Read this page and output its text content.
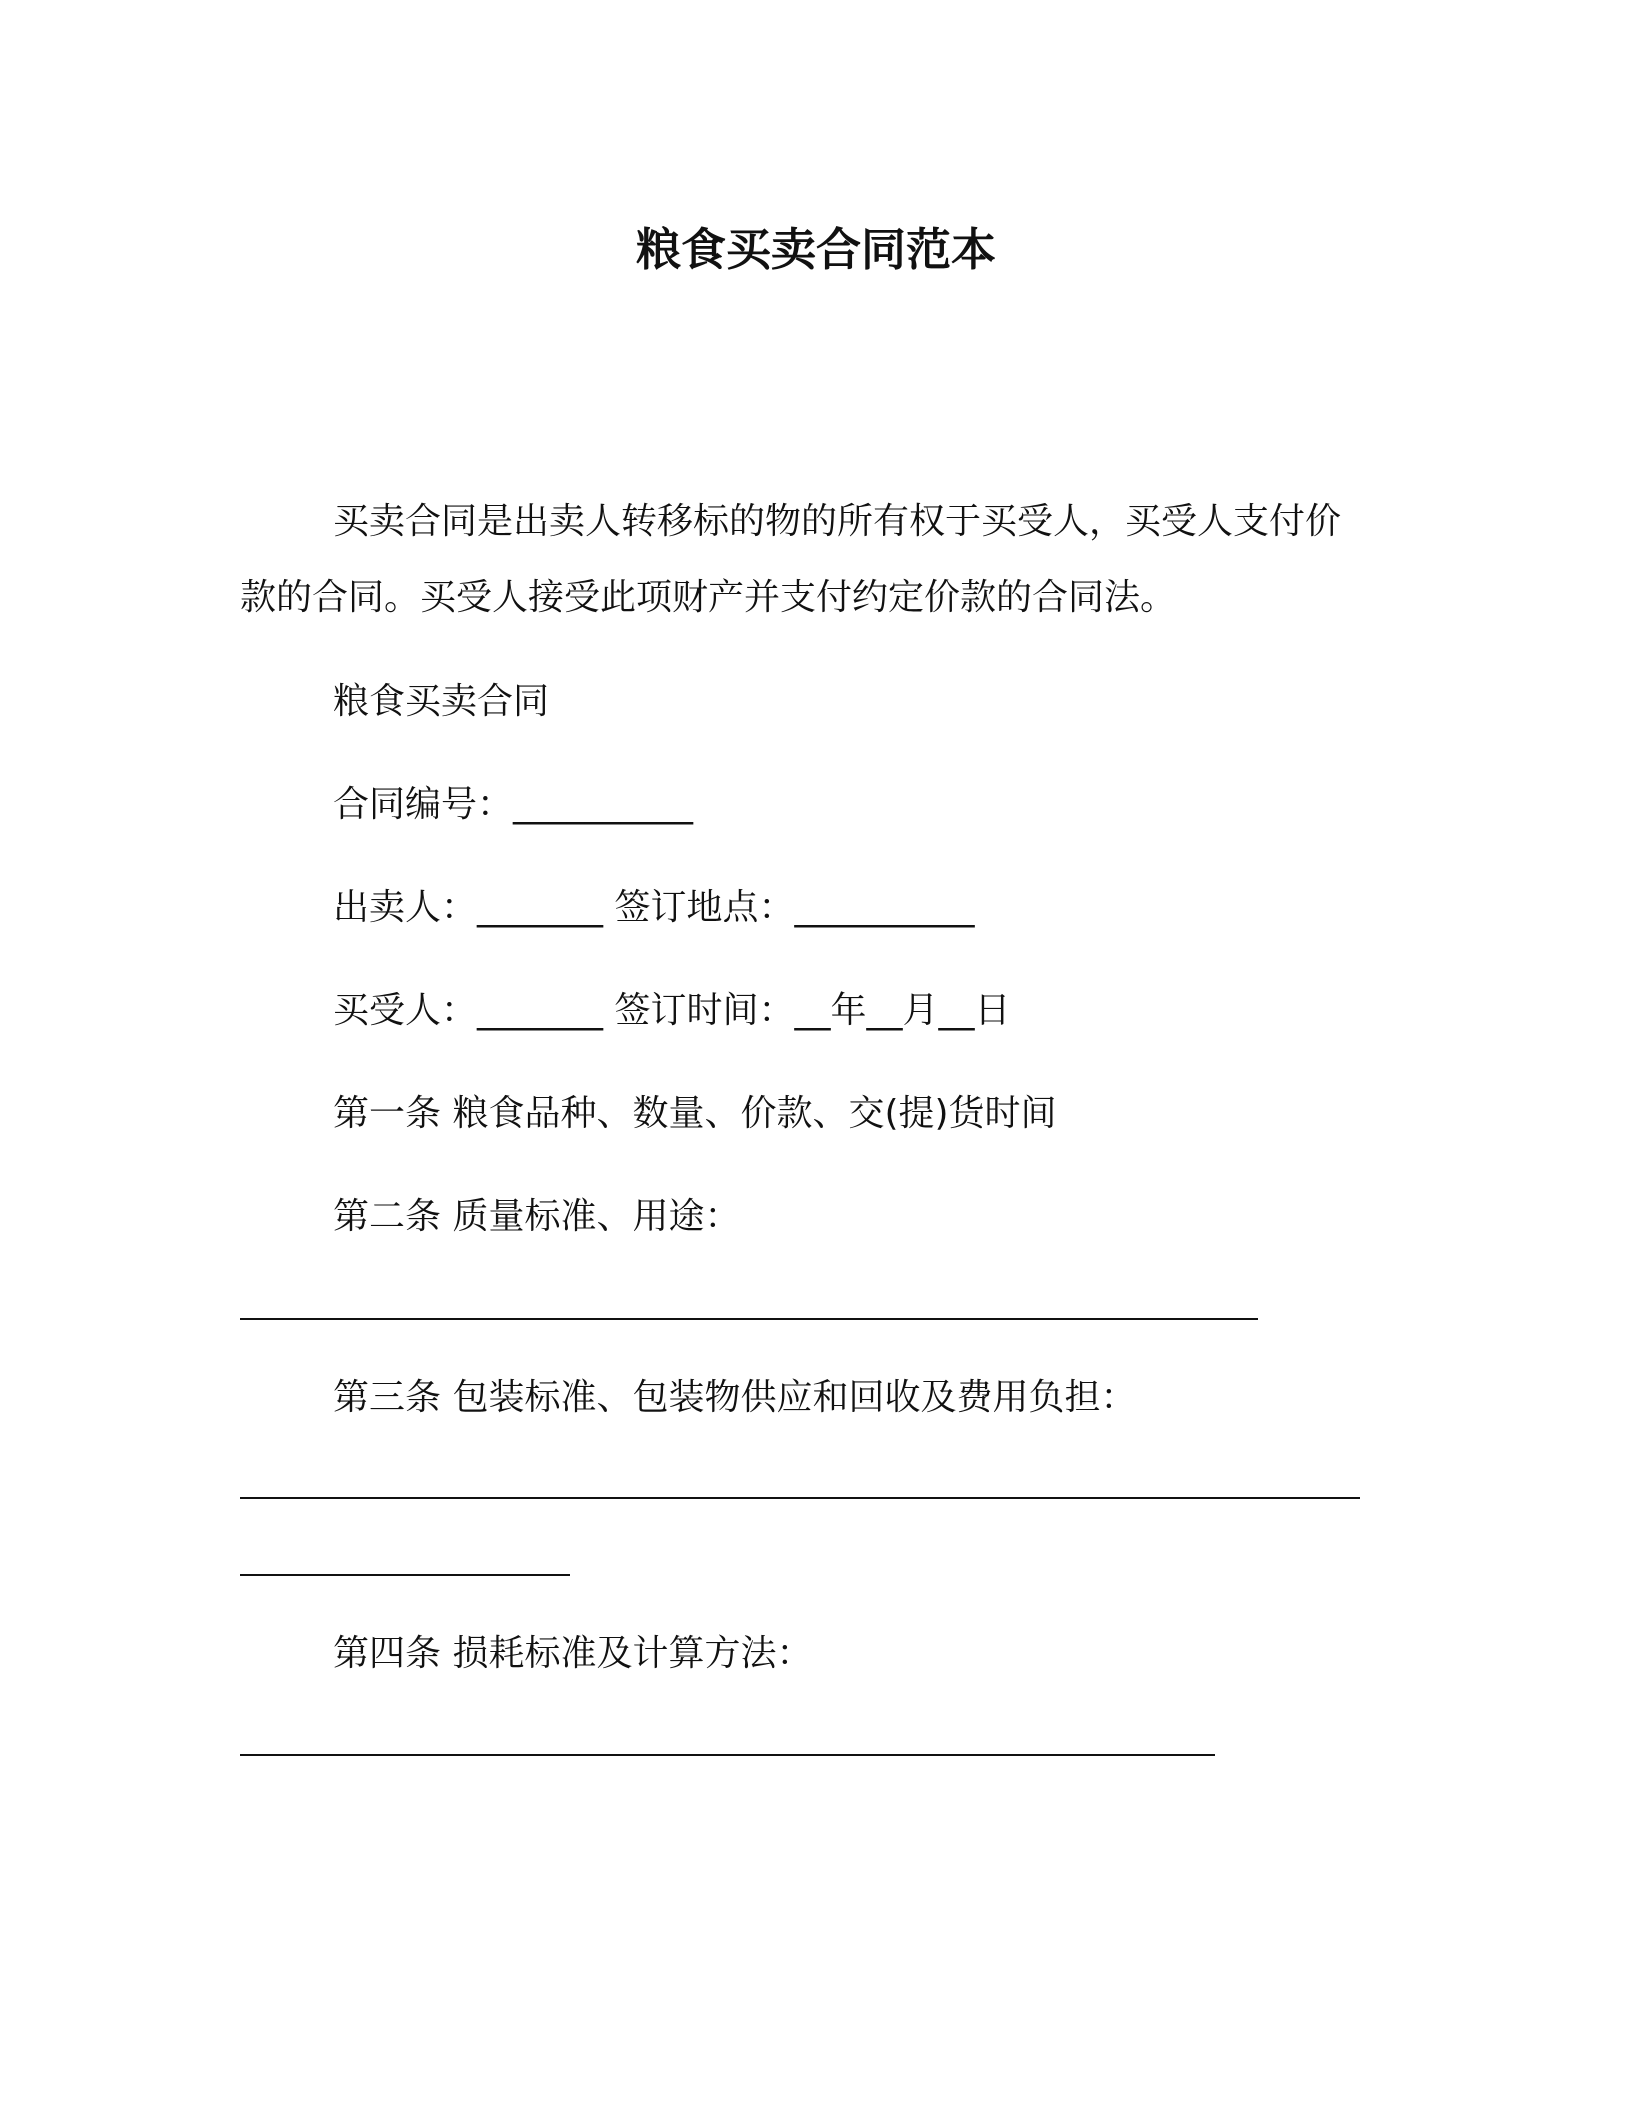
粮食买卖合同范本
买卖合同是出卖人转移标的物的所有权于买受人，买受人支付价
款的合同。买受人接受此项财产并支付约定价款的合同法。
粮食买卖合同
合同编号：__________
出卖人：_______ 签订地点：__________
买受人：_______ 签订时间：__年__月__日
第一条 粮食品种、数量、价款、交(提)货时间
第二条 质量标准、用途：
第三条 包装标准、包装物供应和回收及费用负担：
第四条 损耗标准及计算方法：
